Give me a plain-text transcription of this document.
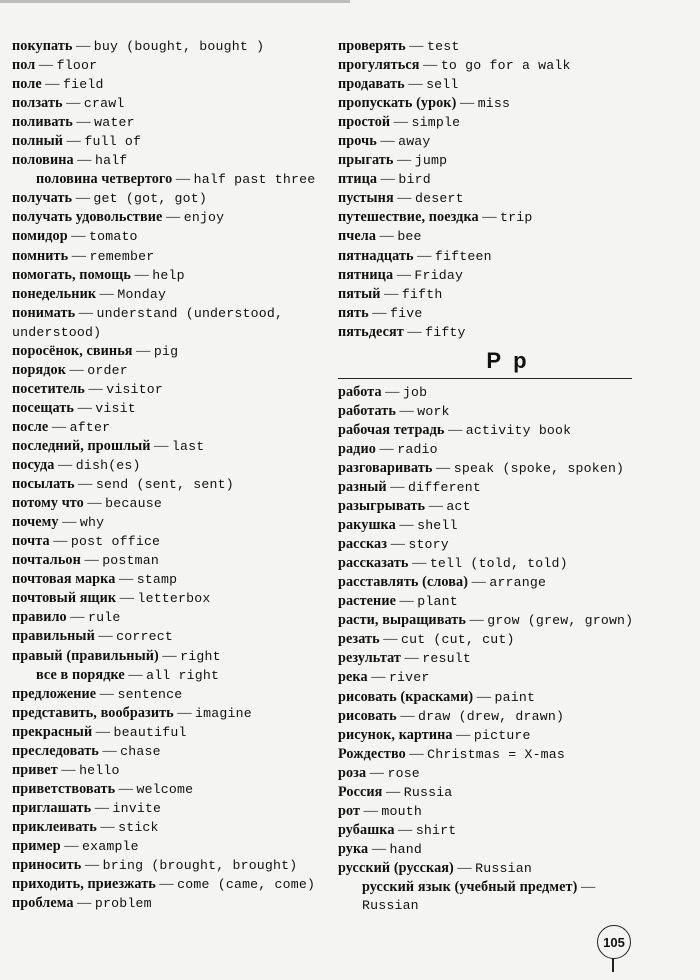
покупать — buy (bought, bought )
пол — floor
поле — field
ползать — crawl
поливать — water
полный — full of
половина — half
половина четвертого — half past three
получать — get (got, got)
получать удовольствие — enjoy
помидор — tomato
помнить — remember
помогать, помощь — help
понедельник — Monday
понимать — understand (understood, understood)
поросёнок, свинья — pig
порядок — order
посетитель — visitor
посещать — visit
после — after
последний, прошлый — last
посуда — dish(es)
посылать — send (sent, sent)
потому что — because
почему — why
почта — post office
почтальон — postman
почтовая марка — stamp
почтовый ящик — letterbox
правило — rule
правильный — correct
правый (правильный) — right
все в порядке — all right
предложение — sentence
представить, вообразить — imagine
прекрасный — beautiful
преследовать — chase
привет — hello
приветствовать — welcome
приглашать — invite
приклеивать — stick
пример — example
приносить — bring (brought, brought)
приходить, приезжать — come (came, come)
проблема — problem
проверять — test
прогуляться — to go for a walk
продавать — sell
пропускать (урок) — miss
простой — simple
прочь — away
прыгать — jump
птица — bird
пустыня — desert
путешествие, поездка — trip
пчела — bee
пятнадцать — fifteen
пятница — Friday
пятый — fifth
пять — five
пятьдесят — fifty
Р р
работа — job
работать — work
рабочая тетрадь — activity book
радио — radio
разговаривать — speak (spoke, spoken)
разный — different
разыгрывать — act
ракушка — shell
рассказ — story
рассказать — tell (told, told)
расставлять (слова) — arrange
растение — plant
расти, выращивать — grow (grew, grown)
резать — cut (cut, cut)
результат — result
река — river
рисовать (красками) — paint
рисовать — draw (drew, drawn)
рисунок, картина — picture
Рождество — Christmas = X-mas
роза — rose
Россия — Russia
рот — mouth
рубашка — shirt
рука — hand
русский (русская) — Russian
русский язык (учебный предмет) — Russian
105
